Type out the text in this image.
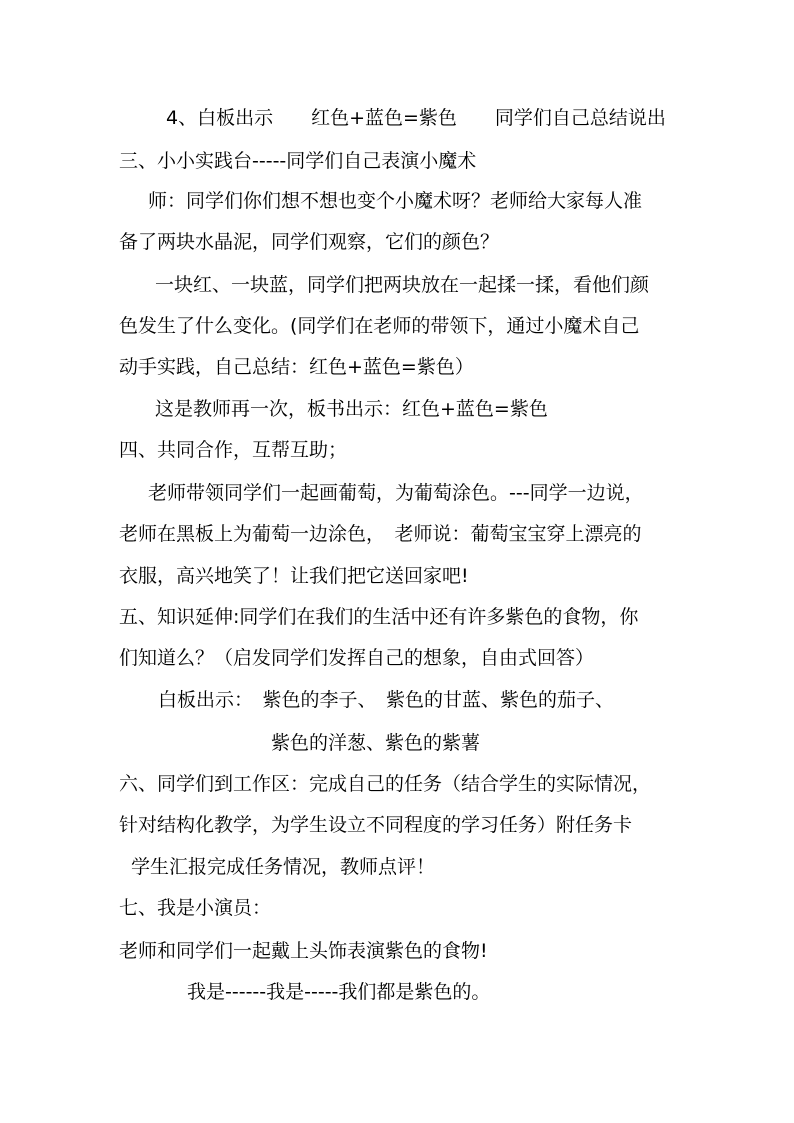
4、白板出示　　红色+蓝色=紫色　　同学们自己总结说出
三、小小实践台-----同学们自己表演小魔术
师：同学们你们想不想也变个小魔术呀？老师给大家每人准
备了两块水晶泥，同学们观察，它们的颜色？
一块红、一块蓝，同学们把两块放在一起揉一揉，看他们颜
色发生了什么变化。(同学们在老师的带领下，通过小魔术自己
动手实践，自己总结：红色+蓝色=紫色）
这是教师再一次，板书出示：红色+蓝色=紫色
四、共同合作，互帮互助；
老师带领同学们一起画葡萄，为葡萄涂色。---同学一边说，
老师在黑板上为葡萄一边涂色，　老师说：葡萄宝宝穿上漂亮的
衣服，高兴地笑了！让我们把它送回家吧!
五、知识延伸:同学们在我们的生活中还有许多紫色的食物，你
们知道么？（启发同学们发挥自己的想象，自由式回答）
白板出示：　紫色的李子、　紫色的甘蓝、紫色的茄子、
紫色的洋葱、紫色的紫薯
六、同学们到工作区：完成自己的任务（结合学生的实际情况，
针对结构化教学，为学生设立不同程度的学习任务）附任务卡
学生汇报完成任务情况，教师点评！
七、我是小演员：
老师和同学们一起戴上头饰表演紫色的食物!
我是------我是-----我们都是紫色的。
